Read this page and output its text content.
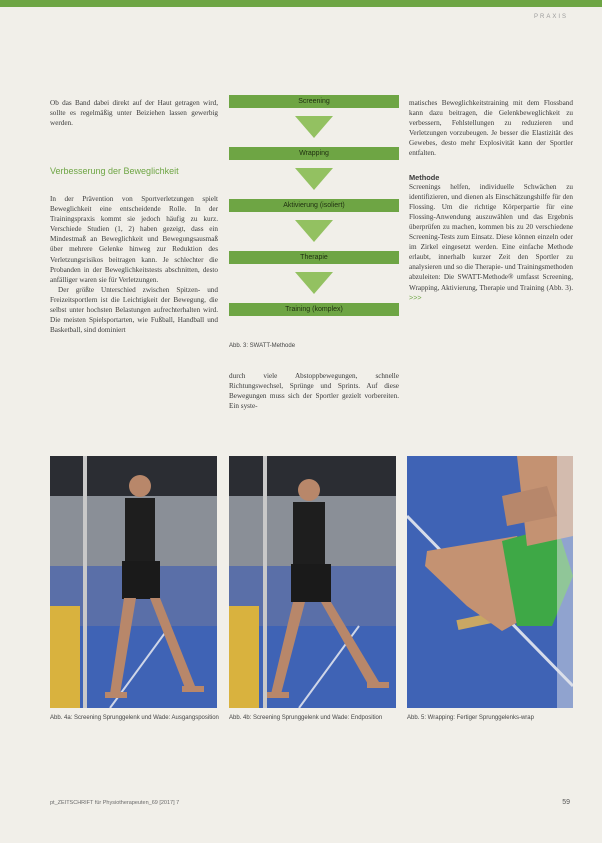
PRAXIS

Ob das Band dabei direkt auf der Haut getragen wird, sollte es regelmäßig unter Beiziehen lassen gewerbig werden.

Verbesserung der Beweglichkeit

In der Prävention von Sportverletzungen spielt Beweglichkeit eine entscheidende Rolle. In der Trainingspraxis kommt sie jedoch häufig zu kurz. Verschiede Studien (1, 2) haben gezeigt, dass ein Mindestmaß an Beweglichkeit und Bewegungsausmaß über mehrere Gelenke hinweg zur Reduktion des Verletzungsrisikos beitragen kann. Je schlechter die Probanden in der Beweglichkeitstests abschnitten, desto anfälliger waren sie für Verletzungen.

Der größte Unterschied zwischen Spitzen- und Freizeitsportlern ist die Leichtigkeit der Bewegung, die selbst unter hochsten Belastungen aufrechterhalten wird. Die meisten Spielsportarten, wie Fußball, Handball und Basketball, sind dominiert

Screening
Wrapping
Aktivierung (isoliert)
Therapie
Training (komplex)
Abb. 3: SWATT-Methode

durch viele Abstoppbewegungen, schnelle Richtungswechsel, Sprünge und Sprints. Auf diese Bewegungen muss sich der Sportler gezielt vorbereiten. Ein syste-

matisches Beweglichkeitstraining mit dem Flossband kann dazu beitragen, die Gelenkbeweglichkeit zu verbessern, Fehlstellungen zu reduzieren und Verletzungen vorzubeugen. Je besser die Elastizität des Gewebes, desto mehr Explosivität kann der Sportler entfalten.

Methode

Screenings helfen, individuelle Schwächen zu identifizieren, und dienen als Einschätzungshilfe für den Flossing. Um die richtige Körperpartie für eine Flossing-Anwendung auszuwählen und das Ergebnis überprüfen zu machen, kommen bis zu 20 verschiedene Screening-Tests zum Einsatz. Diese können einzeln oder im Zirkel eingesetzt werden. Eine einfache Methode erlaubt, innerhalb kurzer Zeit den Sportler zu analysieren und so die Therapie- und Trainingsmethoden abzuleiten: Die SWATT-Methode® umfasst Screening, Wrapping, Aktivierung, Therapie und Training (Abb. 3). >>>

Abb. 4a: Screening Sprunggelenk und Wade: Ausgangsposition Abb. 4b: Screening Sprunggelenk und Wade: Endposition	Abb. 5: Wrapping: Fertiger Sprunggelenks-wrap
pt_ZEITSCHRIFT für Physiotherapeuten_69 [2017] 7	59
